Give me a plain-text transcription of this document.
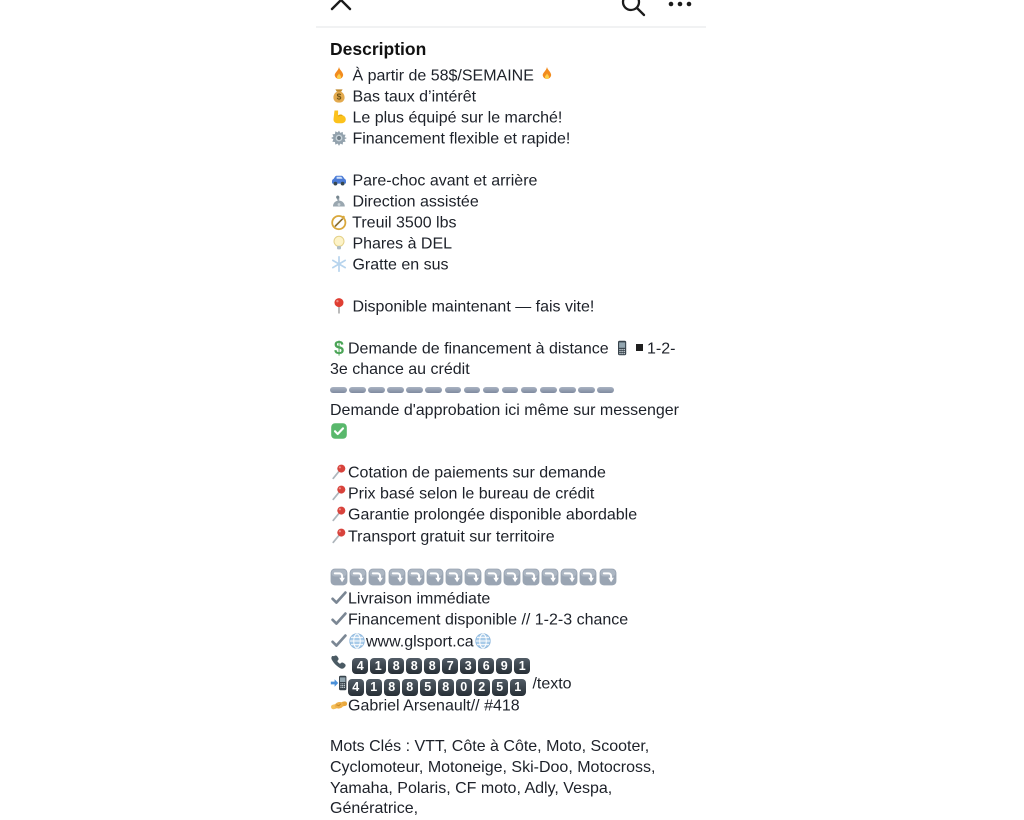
Description
À partir de 58$/SEMAINE
$ Bas taux d’intérêt
Le plus équipé sur le marché!
Financement flexible et rapide!

Pare-choc avant et arrière
Direction assistée
Treuil 3500 lbs
Phares à DEL
Gratte en sus

Disponible maintenant — fais vite!

$ Demande de financement à distance
1-2-3e chance au crédit
Demande d'approbation ici même sur messenger

Cotation de paiements sur demande
Prix basé selon le bureau de crédit
Garantie prolongée disponible abordable
Transport gratuit sur territoire

Livraison immédiate
Financement disponible // 1-2-3 chance
www.glsport.ca
4 1 8 8 8 7 3 6 9 1
4 1 8 8 5 8 0 2 5 1 /texto
Gabriel Arsenault// #418

Mots Clés : VTT, Côte à Côte, Moto, Scooter, Cyclomoteur, Motoneige, Ski-Doo, Motocross, Yamaha, Polaris, CF moto, Adly, Vespa, Génératrice,
